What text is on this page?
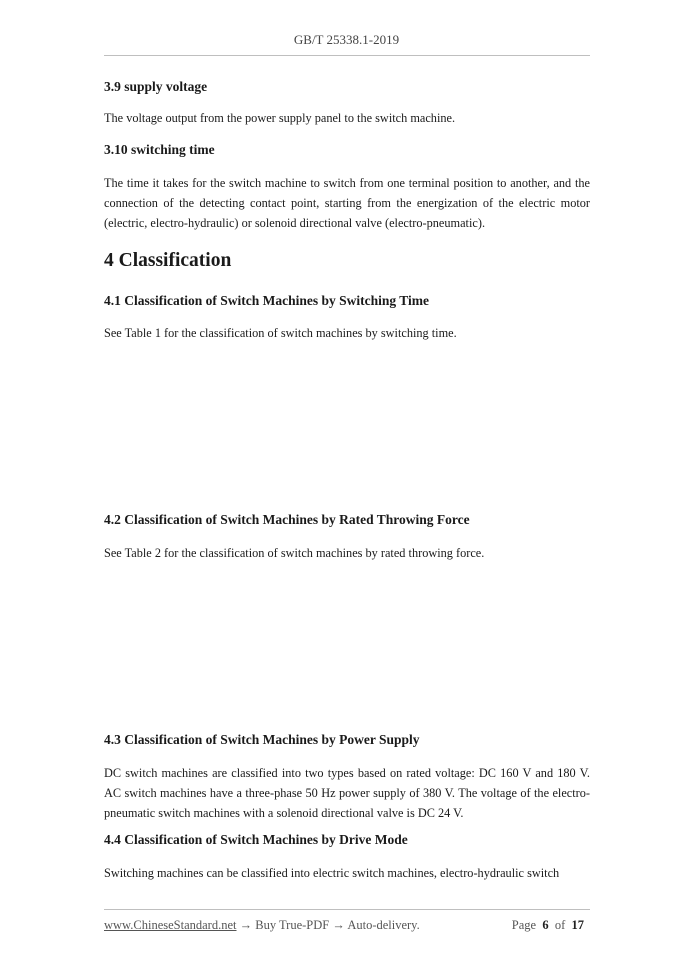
GB/T 25338.1-2019
3.9 supply voltage

The voltage output from the power supply panel to the switch machine.

3.10 switching time

The time it takes for the switch machine to switch from one terminal position to another, and the connection of the detecting contact point, starting from the energization of the electric motor (electric, electro-hydraulic) or solenoid directional valve (electro-pneumatic).

4 Classification
4.1 Classification of Switch Machines by Switching Time

See Table 1 for the classification of switch machines by switching time.

4.2 Classification of Switch Machines by Rated Throwing Force

See Table 2 for the classification of switch machines by rated throwing force.

4.3 Classification of Switch Machines by Power Supply

DC switch machines are classified into two types based on rated voltage: DC 160 V and 180 V. AC switch machines have a three-phase 50 Hz power supply of 380 V. The voltage of the electro-pneumatic switch machines with a solenoid directional valve is DC 24 V.

4.4 Classification of Switch Machines by Drive Mode

Switching machines can be classified into electric switch machines, electro-hydraulic switch

www.ChineseStandard.net → Buy True-PDF → Auto-delivery.	Page 6 of 17
